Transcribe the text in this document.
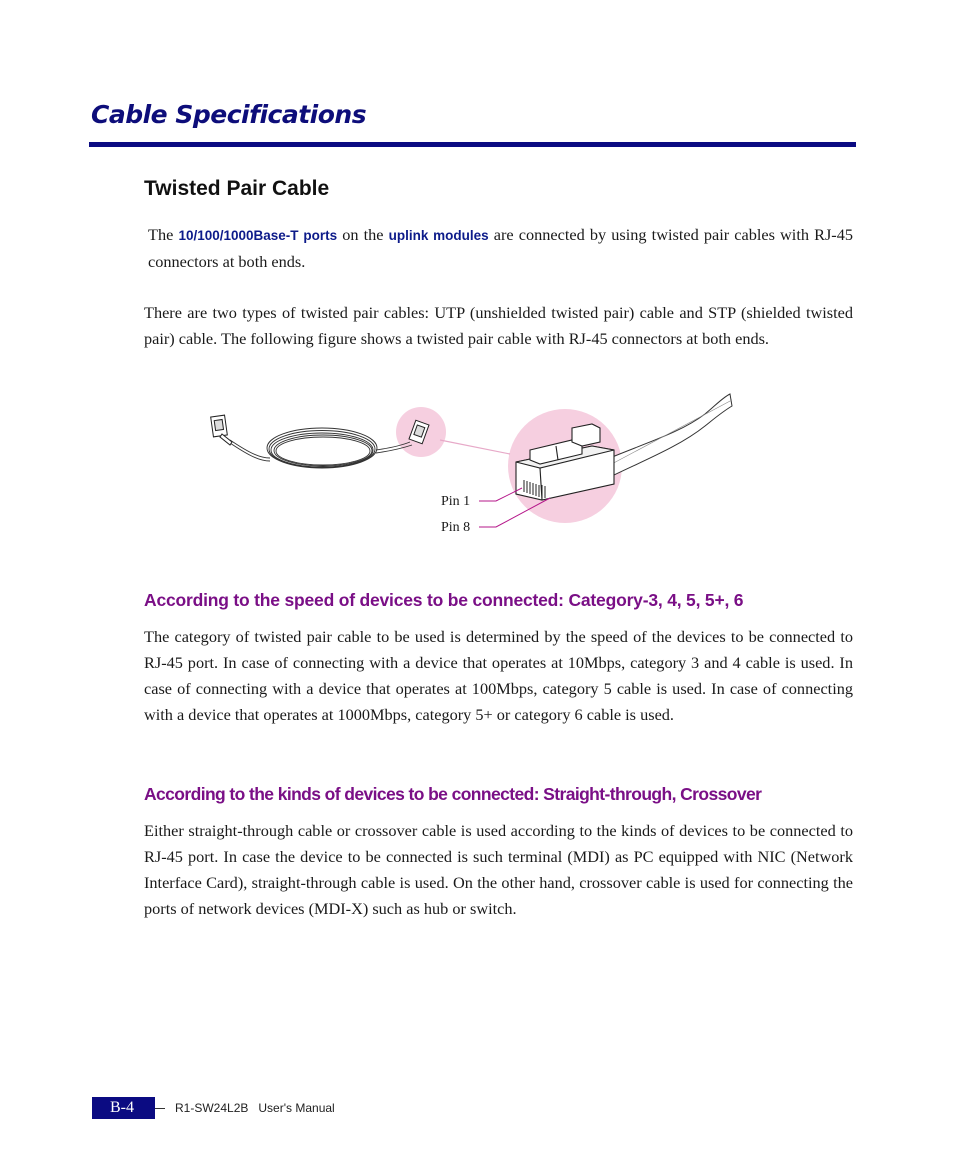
Cable Specifications
Twisted Pair Cable

The 10/100/1000Base-T ports on the uplink modules are connected by using twisted pair cables with RJ-45 connectors at both ends.

There are two types of twisted pair cables: UTP (unshielded twisted pair) cable and STP (shielded twisted pair) cable. The following figure shows a twisted pair cable with RJ-45 connectors at both ends.

Pin 1
Pin 8
According to the speed of devices to be connected: Category-3, 4, 5, 5+, 6

The category of twisted pair cable to be used is determined by the speed of the devices to be connected to RJ-45 port. In case of connecting with a device that operates at 10Mbps, category 3 and 4 cable is used. In case of connecting with a device that operates at 100Mbps, category 5 cable is used. In case of connecting with a device that operates at 1000Mbps, category 5+ or category 6 cable is used.

According to the kinds of devices to be connected: Straight-through, Crossover

Either straight-through cable or crossover cable is used according to the kinds of devices to be connected to RJ-45 port. In case the device to be connected is such terminal (MDI) as PC equipped with NIC (Network Interface Card), straight-through cable is used. On the other hand, crossover cable is used for connecting the ports of network devices (MDI-X) such as hub or switch.

B-4	R1-SW24L2B User's Manual
